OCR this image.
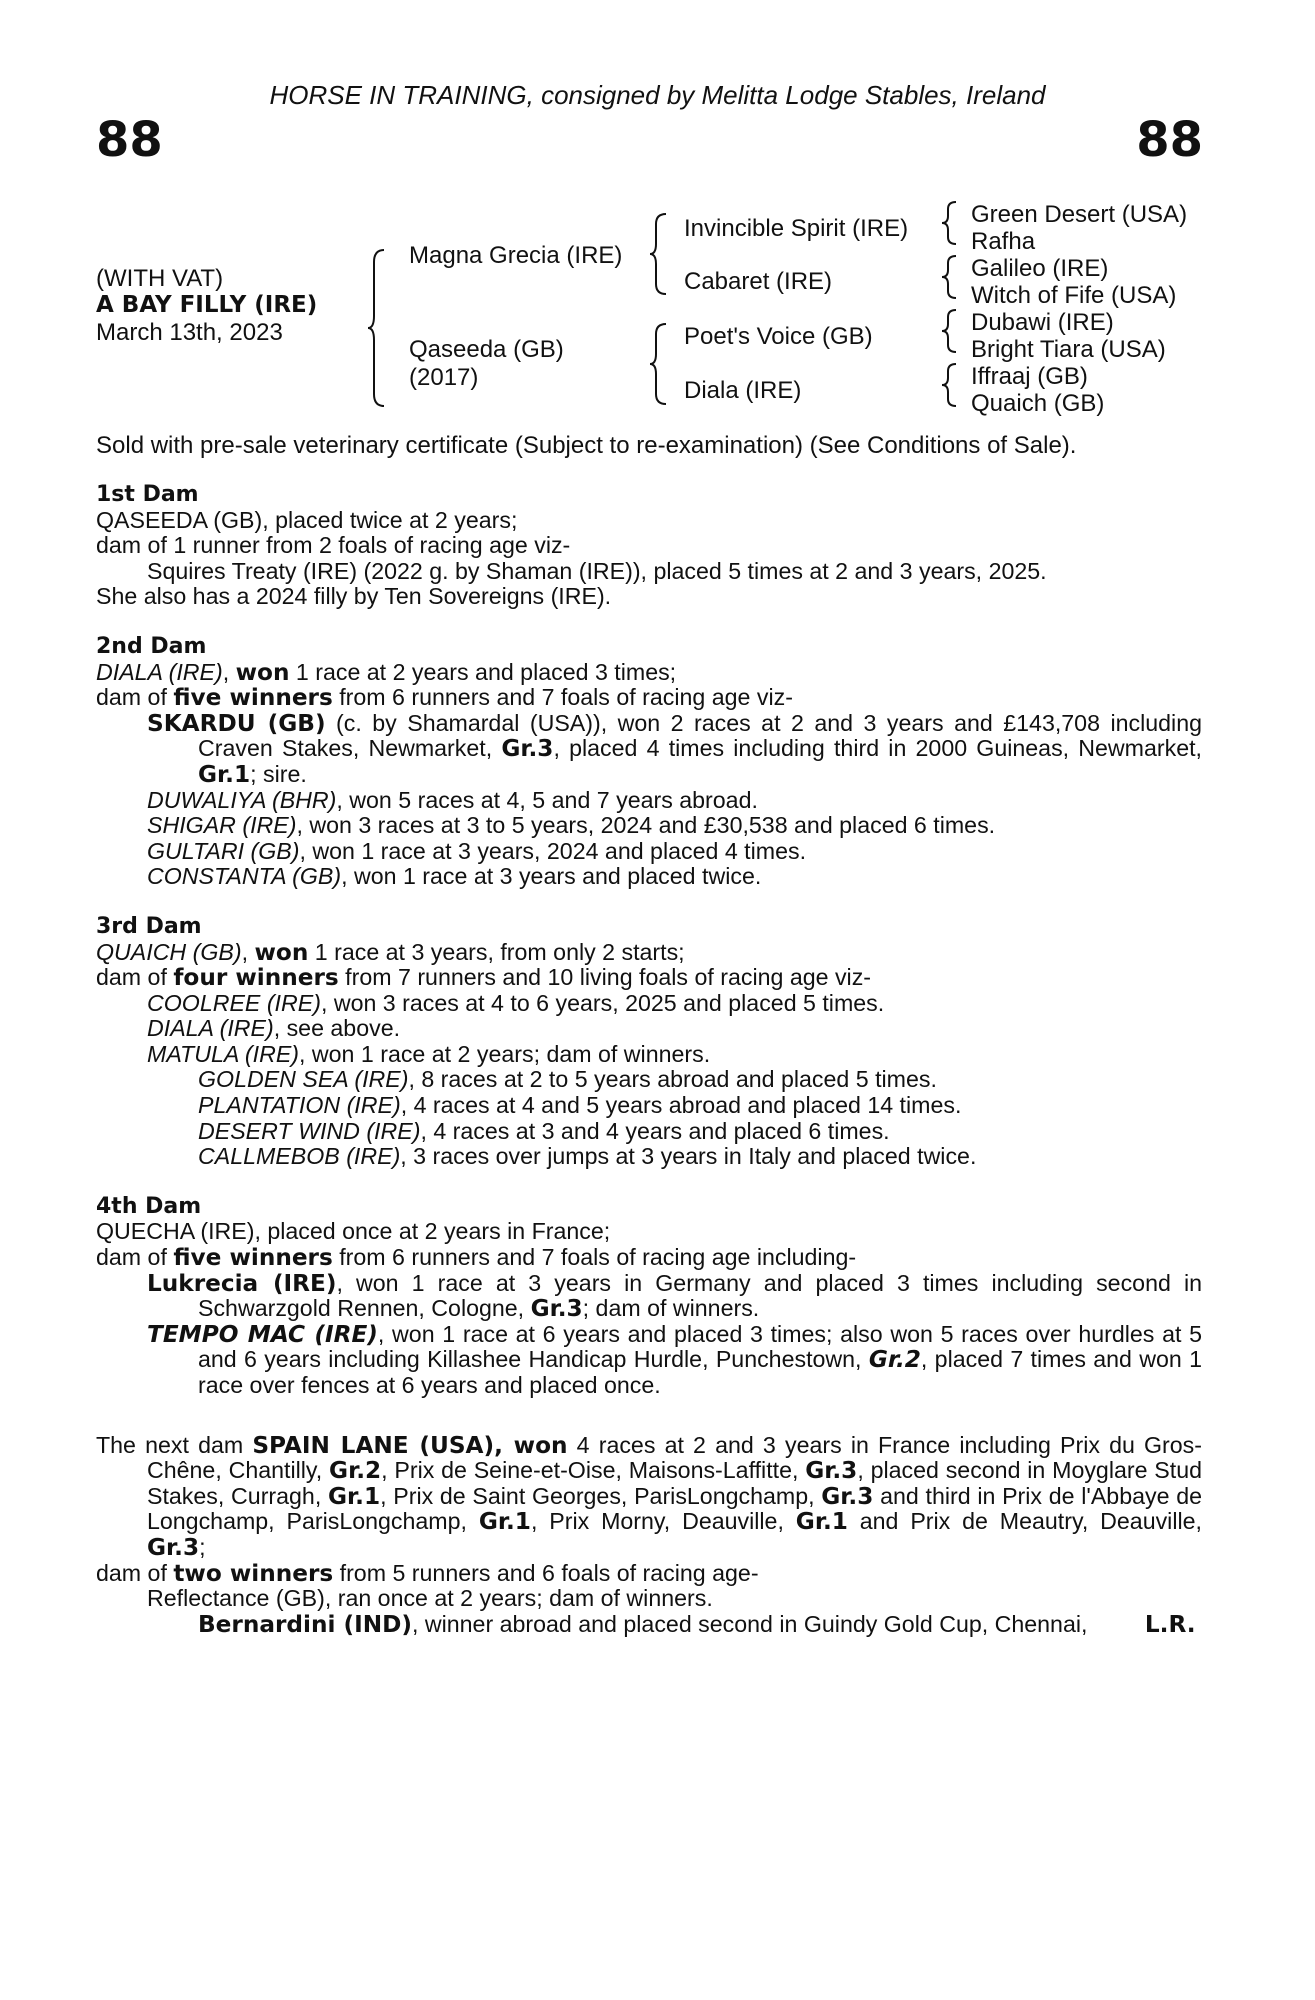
HORSE IN TRAINING, consigned by Melitta Lodge Stables, Ireland
88	88
(WITH VAT)
A BAY FILLY (IRE)
March 13th, 2023
Magna Grecia (IRE)
Qaseeda (GB)
(2017)
Invincible Spirit (IRE)
Cabaret (IRE)
Poet's Voice (GB)
Diala (IRE)
Green Desert (USA)
Rafha
Galileo (IRE)
Witch of Fife (USA)
Dubawi (IRE)
Bright Tiara (USA)
Iffraaj (GB)
Quaich (GB)
Sold with pre-sale veterinary certificate (Subject to re-examination) (See Conditions of Sale).
1st Dam
QASEEDA (GB), placed twice at 2 years;
dam of 1 runner from 2 foals of racing age viz-
Squires Treaty (IRE) (2022 g. by Shaman (IRE)), placed 5 times at 2 and 3 years, 2025.
She also has a 2024 filly by Ten Sovereigns (IRE).
2nd Dam
DIALA (IRE), won 1 race at 2 years and placed 3 times;
dam of five winners from 6 runners and 7 foals of racing age viz-
SKARDU (GB) (c. by Shamardal (USA)), won 2 races at 2 and 3 years and £143,708 including Craven Stakes, Newmarket, Gr.3, placed 4 times including third in 2000 Guineas, Newmarket, Gr.1; sire.
DUWALIYA (BHR), won 5 races at 4, 5 and 7 years abroad.
SHIGAR (IRE), won 3 races at 3 to 5 years, 2024 and £30,538 and placed 6 times.
GULTARI (GB), won 1 race at 3 years, 2024 and placed 4 times.
CONSTANTA (GB), won 1 race at 3 years and placed twice.
3rd Dam
QUAICH (GB), won 1 race at 3 years, from only 2 starts;
dam of four winners from 7 runners and 10 living foals of racing age viz-
COOLREE (IRE), won 3 races at 4 to 6 years, 2025 and placed 5 times.
DIALA (IRE), see above.
MATULA (IRE), won 1 race at 2 years; dam of winners.
GOLDEN SEA (IRE), 8 races at 2 to 5 years abroad and placed 5 times.
PLANTATION (IRE), 4 races at 4 and 5 years abroad and placed 14 times.
DESERT WIND (IRE), 4 races at 3 and 4 years and placed 6 times.
CALLMEBOB (IRE), 3 races over jumps at 3 years in Italy and placed twice.
4th Dam
QUECHA (IRE), placed once at 2 years in France;
dam of five winners from 6 runners and 7 foals of racing age including-
Lukrecia (IRE), won 1 race at 3 years in Germany and placed 3 times including second in Schwarzgold Rennen, Cologne, Gr.3; dam of winners.
TEMPO MAC (IRE), won 1 race at 6 years and placed 3 times; also won 5 races over hurdles at 5 and 6 years including Killashee Handicap Hurdle, Punchestown, Gr.2, placed 7 times and won 1 race over fences at 6 years and placed once.
The next dam SPAIN LANE (USA), won 4 races at 2 and 3 years in France including Prix du Gros-Chêne, Chantilly, Gr.2, Prix de Seine-et-Oise, Maisons-Laffitte, Gr.3, placed second in Moyglare Stud Stakes, Curragh, Gr.1, Prix de Saint Georges, ParisLongchamp, Gr.3 and third in Prix de l'Abbaye de Longchamp, ParisLongchamp, Gr.1, Prix Morny, Deauville, Gr.1 and Prix de Meautry, Deauville, Gr.3;
dam of two winners from 5 runners and 6 foals of racing age-
Reflectance (GB), ran once at 2 years; dam of winners.
Bernardini (IND), winner abroad and placed second in Guindy Gold Cup, Chennai, L.R.
